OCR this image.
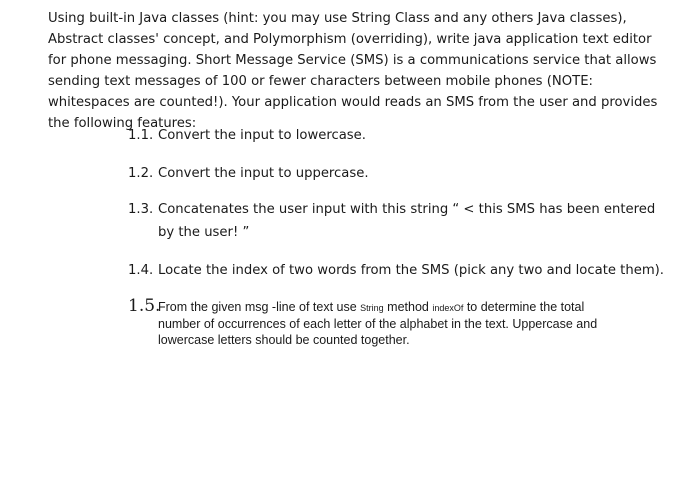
Using built-in Java classes (hint: you may use String Class and any others Java classes),
Abstract classes' concept, and Polymorphism (overriding), write java application text editor
for phone messaging. Short Message Service (SMS) is a communications service that allows
sending text messages of 100 or fewer characters between mobile phones (NOTE:
whitespaces are counted!). Your application would reads an SMS from the user and provides
the following features:
1.1. Convert the input to lowercase.
1.2. Convert the input to uppercase.
1.3. Concatenates the user input with this string “ < this SMS has been entered
by the user! ”
1.4. Locate the index of two words from the SMS (pick any two and locate them).
1.5.From the given msg -line of text use String method indexOf to determine the total
number of occurrences of each letter of the alphabet in the text. Uppercase and
lowercase letters should be counted together.
